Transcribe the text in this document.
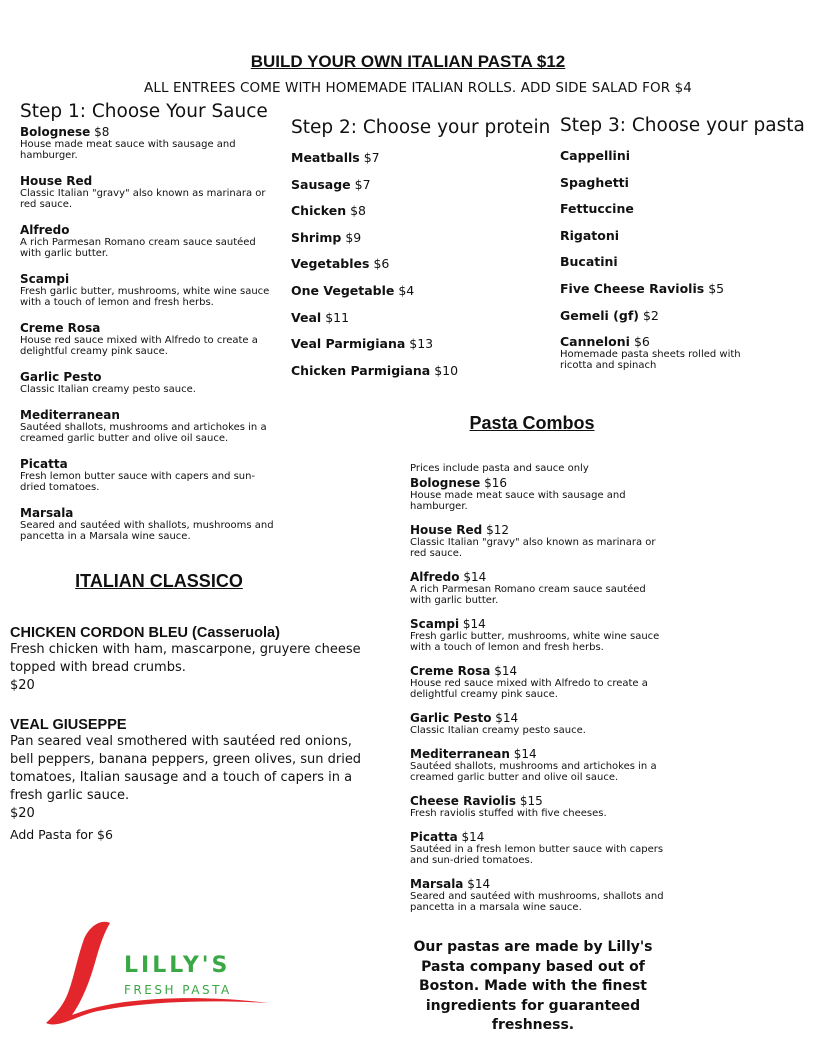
BUILD YOUR OWN ITALIAN PASTA $12
ALL ENTREES COME WITH HOMEMADE ITALIAN ROLLS. ADD SIDE SALAD FOR $4
Step 1: Choose Your Sauce
Bolognese $8
House made meat sauce with sausage and hamburger.
House Red
Classic Italian "gravy" also known as marinara or red sauce.
Alfredo
A rich Parmesan Romano cream sauce sautéed with garlic butter.
Scampi
Fresh garlic butter, mushrooms, white wine sauce with a touch of lemon and fresh herbs.
Creme Rosa
House red sauce mixed with Alfredo to create a delightful creamy pink sauce.
Garlic Pesto
Classic Italian creamy pesto sauce.
Mediterranean
Sautéed shallots, mushrooms and artichokes in a creamed garlic butter and olive oil sauce.
Picatta
Fresh lemon butter sauce with capers and sun-dried tomatoes.
Marsala
Seared and sautéed with shallots, mushrooms and pancetta in a Marsala wine sauce.
Step 2: Choose your protein
Meatballs $7
Sausage $7
Chicken $8
Shrimp $9
Vegetables $6
One Vegetable $4
Veal $11
Veal Parmigiana $13
Chicken Parmigiana $10
Step 3: Choose your pasta
Cappellini
Spaghetti
Fettuccine
Rigatoni
Bucatini
Five Cheese Raviolis $5
Gemeli (gf) $2
Canneloni $6
Homemade pasta sheets rolled with ricotta and spinach
ITALIAN CLASSICO
CHICKEN CORDON BLEU (Casseruola)
Fresh chicken with ham, mascarpone, gruyere cheese topped with bread crumbs.
$20
VEAL GIUSEPPE
Pan seared veal smothered with sautéed red onions, bell peppers, banana peppers, green olives, sun dried tomatoes, Italian sausage and a touch of capers in a fresh garlic sauce.
$20
Add Pasta for $6
Pasta Combos
Prices include pasta and sauce only
Bolognese $16
House made meat sauce with sausage and hamburger.
House Red $12
Classic Italian "gravy" also known as marinara or red sauce.
Alfredo $14
A rich Parmesan Romano cream sauce sautéed with garlic butter.
Scampi $14
Fresh garlic butter, mushrooms, white wine sauce with a touch of lemon and fresh herbs.
Creme Rosa $14
House red sauce mixed with Alfredo to create a delightful creamy pink sauce.
Garlic Pesto $14
Classic Italian creamy pesto sauce.
Mediterranean $14
Sautéed shallots, mushrooms and artichokes in a creamed garlic butter and olive oil sauce.
Cheese Raviolis $15
Fresh raviolis stuffed with five cheeses.
Picatta $14
Sautéed in a fresh lemon butter sauce with capers and sun-dried tomatoes.
Marsala $14
Seared and sautéed with mushrooms, shallots and pancetta in a marsala wine sauce.
LILLY'S
FRESH PASTA
Our pastas are made by Lilly's Pasta company based out of Boston. Made with the finest ingredients for guaranteed freshness.
